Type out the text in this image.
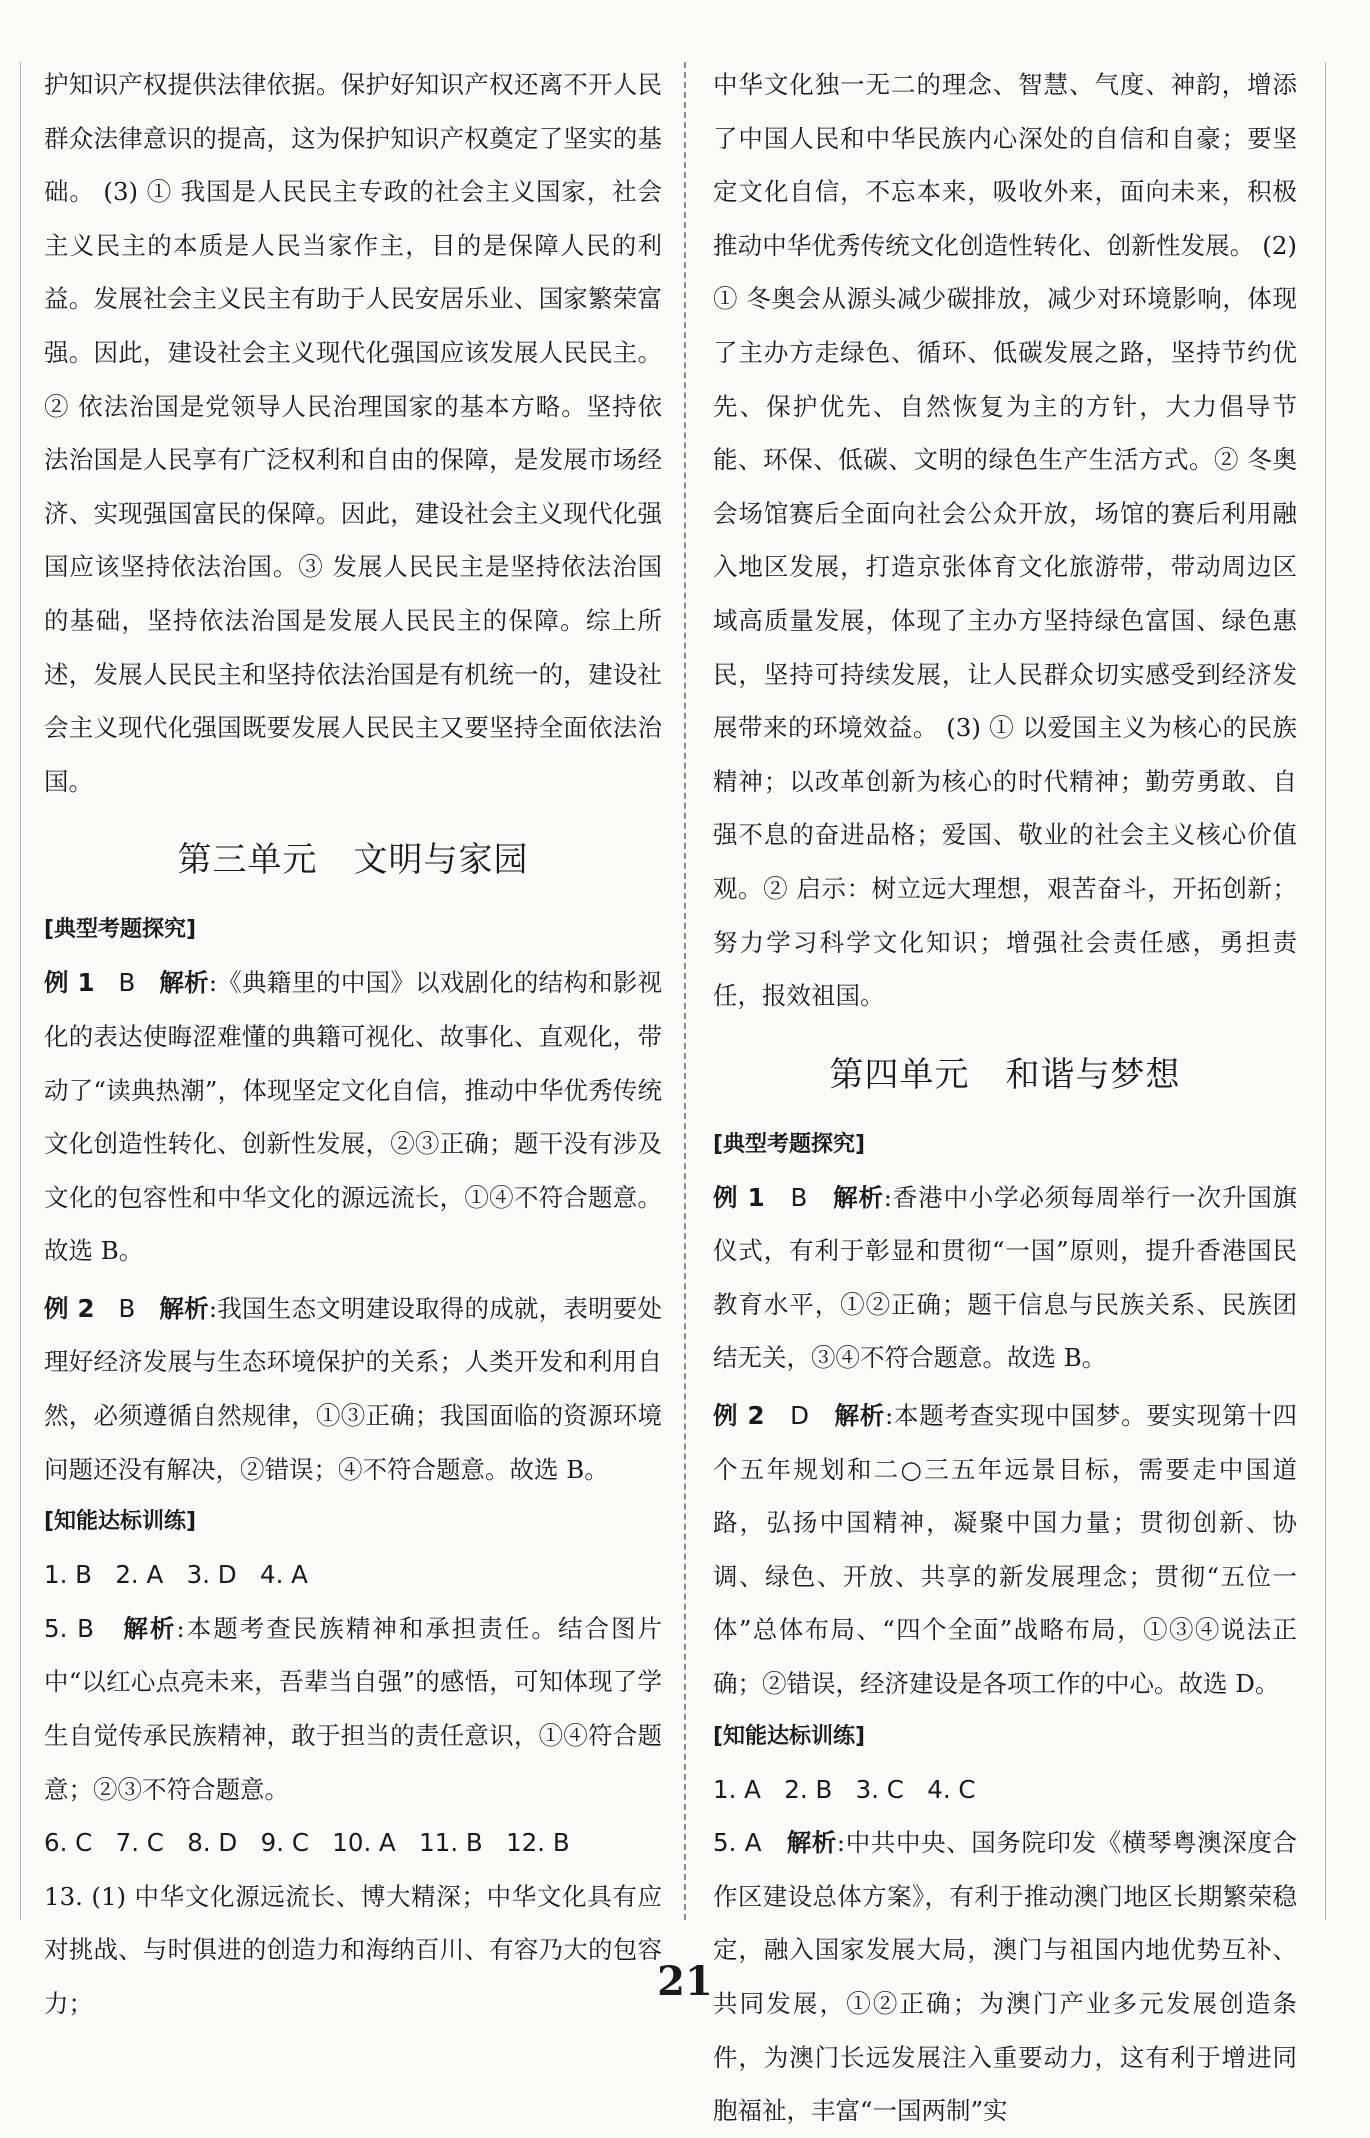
护知识产权提供法律依据。保护好知识产权还离不开人民群众法律意识的提高，这为保护知识产权奠定了坚实的基础。 (3) ① 我国是人民民主专政的社会主义国家，社会主义民主的本质是人民当家作主，目的是保障人民的利益。发展社会主义民主有助于人民安居乐业、国家繁荣富强。因此，建设社会主义现代化强国应该发展人民民主。② 依法治国是党领导人民治理国家的基本方略。坚持依法治国是人民享有广泛权利和自由的保障，是发展市场经济、实现强国富民的保障。因此，建设社会主义现代化强国应该坚持依法治国。③ 发展人民民主是坚持依法治国的基础，坚持依法治国是发展人民民主的保障。综上所述，发展人民民主和坚持依法治国是有机统一的，建设社会主义现代化强国既要发展人民民主又要坚持全面依法治国。

第三单元 文明与家园
[典型考题探究]

例 1 B 解析:《典籍里的中国》以戏剧化的结构和影视化的表达使晦涩难懂的典籍可视化、故事化、直观化，带动了“读典热潮”，体现坚定文化自信，推动中华优秀传统文化创造性转化、创新性发展，②③正确；题干没有涉及文化的包容性和中华文化的源远流长，①④不符合题意。故选 B。

例 2 B 解析:我国生态文明建设取得的成就，表明要处理好经济发展与生态环境保护的关系；人类开发和利用自然，必须遵循自然规律，①③正确；我国面临的资源环境问题还没有解决，②错误；④不符合题意。故选 B。

[知能达标训练]

1. B   2. A   3. D   4. A

5. B 解析:本题考查民族精神和承担责任。结合图片中“以红心点亮未来，吾辈当自强”的感悟，可知体现了学生自觉传承民族精神，敢于担当的责任意识，①④符合题意；②③不符合题意。

6. C   7. C   8. D   9. C   10. A   11. B   12. B

13. (1) 中华文化源远流长、博大精深；中华文化具有应对挑战、与时俱进的创造力和海纳百川、有容乃大的包容力；

中华文化独一无二的理念、智慧、气度、神韵，增添了中国人民和中华民族内心深处的自信和自豪；要坚定文化自信，不忘本来，吸收外来，面向未来，积极推动中华优秀传统文化创造性转化、创新性发展。 (2) ① 冬奥会从源头减少碳排放，减少对环境影响，体现了主办方走绿色、循环、低碳发展之路，坚持节约优先、保护优先、自然恢复为主的方针，大力倡导节能、环保、低碳、文明的绿色生产生活方式。② 冬奥会场馆赛后全面向社会公众开放，场馆的赛后利用融入地区发展，打造京张体育文化旅游带，带动周边区域高质量发展，体现了主办方坚持绿色富国、绿色惠民，坚持可持续发展，让人民群众切实感受到经济发展带来的环境效益。 (3) ① 以爱国主义为核心的民族精神；以改革创新为核心的时代精神；勤劳勇敢、自强不息的奋进品格；爱国、敬业的社会主义核心价值观。② 启示：树立远大理想，艰苦奋斗，开拓创新；努力学习科学文化知识；增强社会责任感，勇担责任，报效祖国。

第四单元 和谐与梦想
[典型考题探究]

例 1 B 解析:香港中小学必须每周举行一次升国旗仪式，有利于彰显和贯彻“一国”原则，提升香港国民教育水平，①②正确；题干信息与民族关系、民族团结无关，③④不符合题意。故选 B。

例 2 D 解析:本题考查实现中国梦。要实现第十四个五年规划和二○三五年远景目标，需要走中国道路，弘扬中国精神，凝聚中国力量；贯彻创新、协调、绿色、开放、共享的新发展理念；贯彻“五位一体”总体布局、“四个全面”战略布局，①③④说法正确；②错误，经济建设是各项工作的中心。故选 D。

[知能达标训练]

1. A   2. B   3. C   4. C

5. A 解析:中共中央、国务院印发《横琴粤澳深度合作区建设总体方案》，有利于推动澳门地区长期繁荣稳定，融入国家发展大局，澳门与祖国内地优势互补、共同发展，①②正确；为澳门产业多元发展创造条件，为澳门长远发展注入重要动力，这有利于增进同胞福祉，丰富“一国两制”实

21
